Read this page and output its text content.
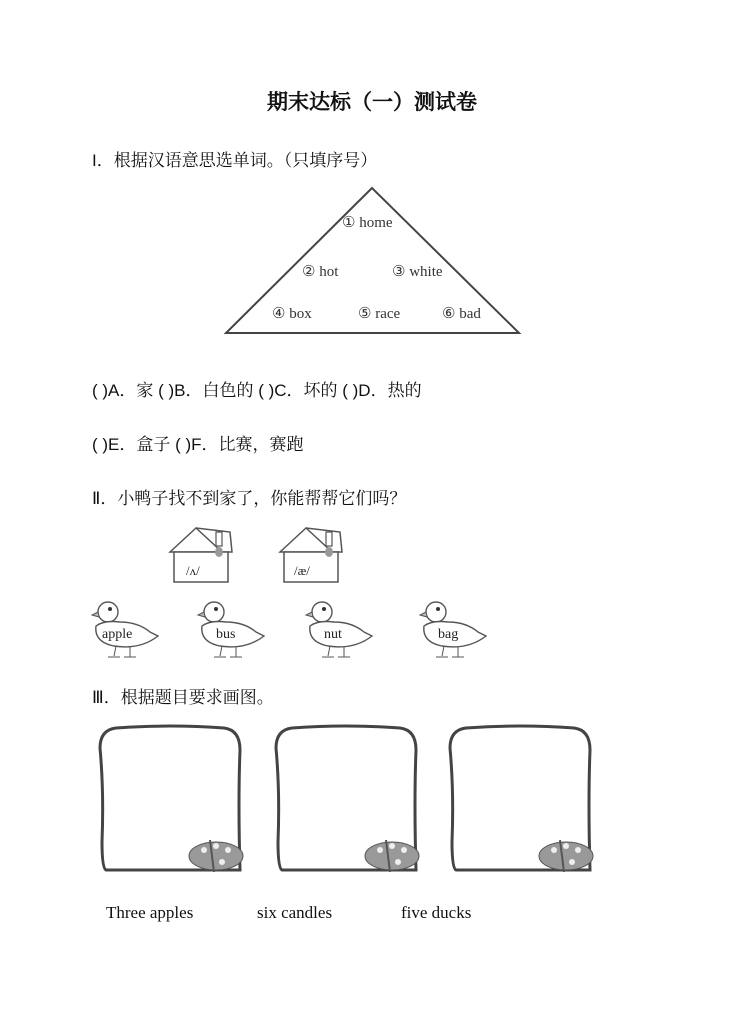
期末达标（一）测试卷
I．根据汉语意思选单词。（只填序号）
① home
② hot	③ white
④ box	⑤ race	⑥ bad
( )A．家 ( )B．白色的 ( )C．坏的 ( )D．热的
( )E．盒子 ( )F．比赛，赛跑
Ⅱ．小鸭子找不到家了，你能帮帮它们吗？
/ʌ/	/æ/
apple	bus	nut	bag
Ⅲ．根据题目要求画图。
Three apples	six candles	five ducks
